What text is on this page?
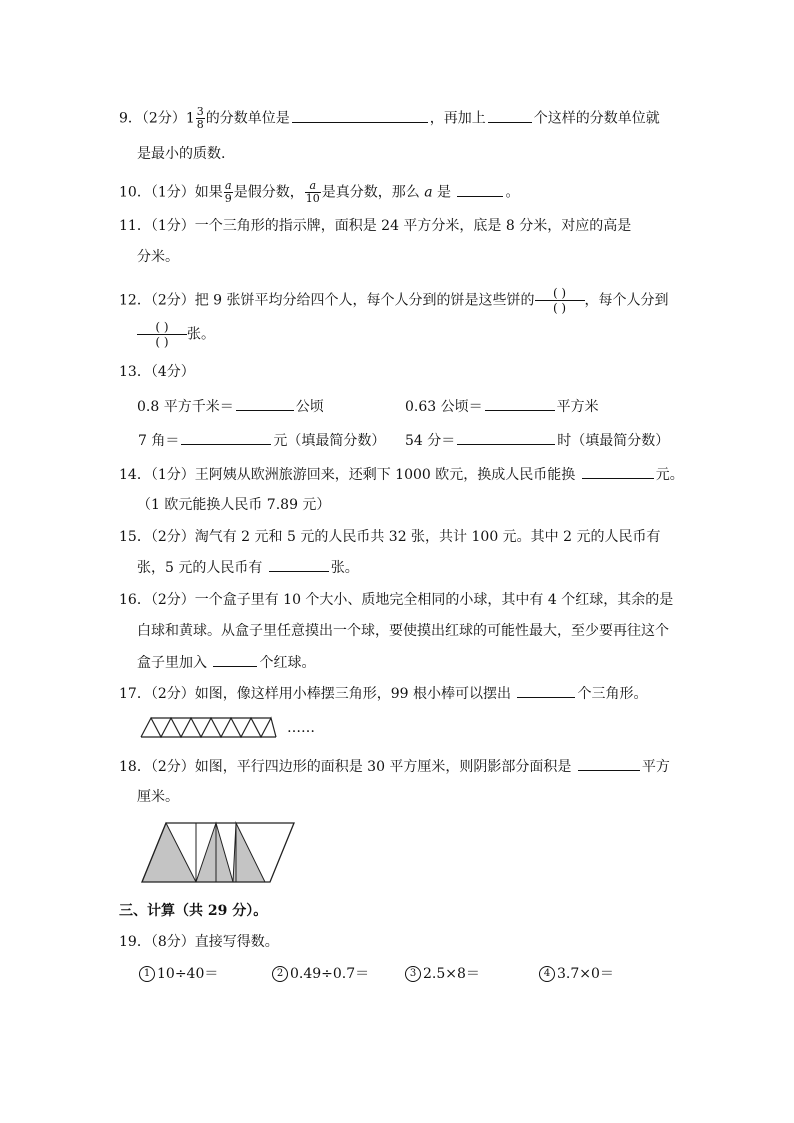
9．（2分）$1 \frac{3}{8}$ 的分数单位是	，再加上	个这样的分数单位就
是最小的质数.
10．（1分）如果 $\frac{a}{9}$ 是假分数， $\frac{a}{10}$ 是真分数，那么 a 是	。
11．（1分）一个三角形的指示牌，面积是 24 平方分米，底是 8 分米，对应的高是
分米。
12．（2分）把 9 张饼平均分给四个人，每个人分到的饼是这些饼的 $\frac{( )}{( )}$ ，每个人分到
$\frac{( )}{( )}$ 张。
13．（4分）
0.8 平方千米＝	公顷	0.63 公顷＝	平方米
7 角＝	元（填最简分数） 54 分＝	时（填最简分数）
14．（1分）王阿姨从欧洲旅游回来，还剩下 1000 欧元，换成人民币能换	元。
（1 欧元能换人民币 7.89 元）
15．（2分）淘气有 2 元和 5 元的人民币共 32 张，共计 100 元。其中 2 元的人民币有
张，5 元的人民币有	张。
16．（2分）一个盒子里有 10 个大小、质地完全相同的小球，其中有 4 个红球，其余的是
白球和黄球。从盒子里任意摸出一个球，要使摸出红球的可能性最大，至少要再往这个
盒子里加入	个红球。
17．（2分）如图，像这样用小棒摆三角形，99 根小棒可以摆出	个三角形。
……
18．（2分）如图，平行四边形的面积是 30 平方厘米，则阴影部分面积是	平方
厘米。
三、计算（共 29 分）。
19．（8分）直接写得数。
1 10÷40＝	2 0.49÷0.7＝	3 2.5×8＝	4 3.7×0＝
